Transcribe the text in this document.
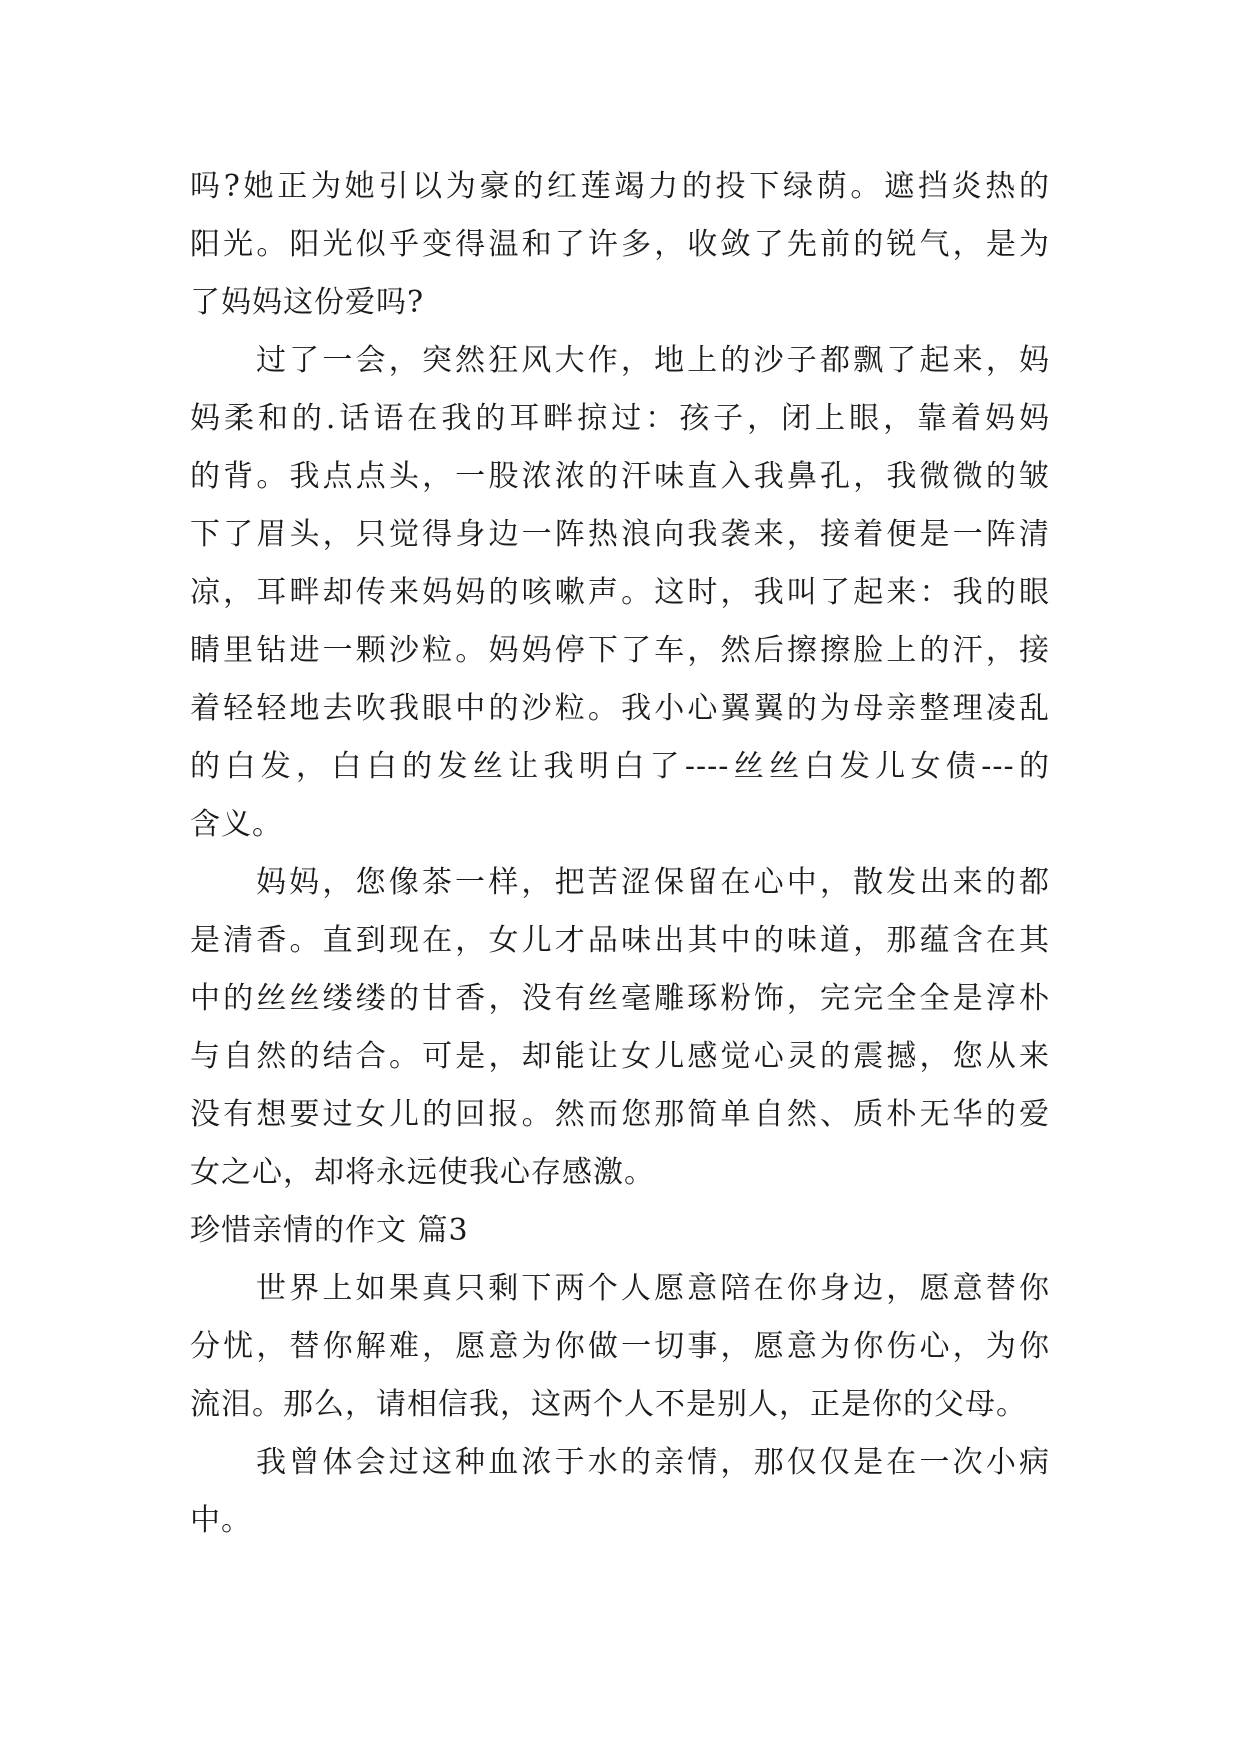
吗?她正为她引以为豪的红莲竭力的投下绿荫。遮挡炎热的
阳光。阳光似乎变得温和了许多，收敛了先前的锐气，是为
了妈妈这份爱吗?
过了一会，突然狂风大作，地上的沙子都飘了起来，妈
妈柔和的.话语在我的耳畔掠过：孩子，闭上眼，靠着妈妈
的背。我点点头，一股浓浓的汗味直入我鼻孔，我微微的皱
下了眉头，只觉得身边一阵热浪向我袭来，接着便是一阵清
凉，耳畔却传来妈妈的咳嗽声。这时，我叫了起来：我的眼
睛里钻进一颗沙粒。妈妈停下了车，然后擦擦脸上的汗，接
着轻轻地去吹我眼中的沙粒。我小心翼翼的为母亲整理凌乱
的白发，白白的发丝让我明白了----丝丝白发儿女债---的
含义。
妈妈，您像茶一样，把苦涩保留在心中，散发出来的都
是清香。直到现在，女儿才品味出其中的味道，那蕴含在其
中的丝丝缕缕的甘香，没有丝毫雕琢粉饰，完完全全是淳朴
与自然的结合。可是，却能让女儿感觉心灵的震撼，您从来
没有想要过女儿的回报。然而您那简单自然、质朴无华的爱
女之心，却将永远使我心存感激。
珍惜亲情的作文 篇3
世界上如果真只剩下两个人愿意陪在你身边，愿意替你
分忧，替你解难，愿意为你做一切事，愿意为你伤心，为你
流泪。那么，请相信我，这两个人不是别人，正是你的父母。
我曾体会过这种血浓于水的亲情，那仅仅是在一次小病
中。
